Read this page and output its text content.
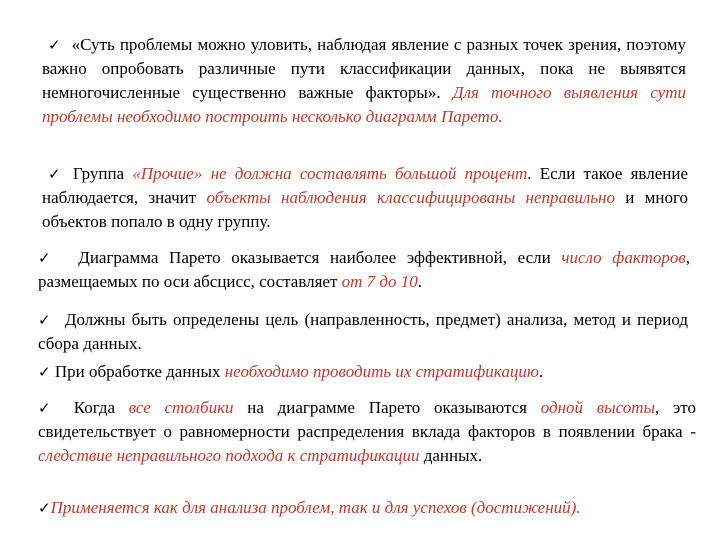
✓ «Суть проблемы можно уловить, наблюдая явление с разных точек зрения, поэтому важно опробовать различные пути классификации данных, пока не выявятся немногочисленные существенно важные факторы». Для точного выявления сути проблемы необходимо построить несколько диаграмм Парето.

✓ Группа «Прочие» не должна составлять большой процент. Если такое явление наблюдается, значит объекты наблюдения классифицированы неправильно и много объектов попало в одну группу.

✓ Диаграмма Парето оказывается наиболее эффективной, если число факторов, размещаемых по оси абсцисс, составляет от 7 до 10.

✓ Должны быть определены цель (направленность, предмет) анализа, метод и период сбора данных.

✓ При обработке данных необходимо проводить их стратификацию.

✓ Когда все столбики на диаграмме Парето оказываются одной высоты, это свидетельствует о равномерности распределения вклада факторов в появлении брака - следствие неправильного подхода к стратификации данных.

✓Применяется как для анализа проблем, так и для успехов (достижений).
